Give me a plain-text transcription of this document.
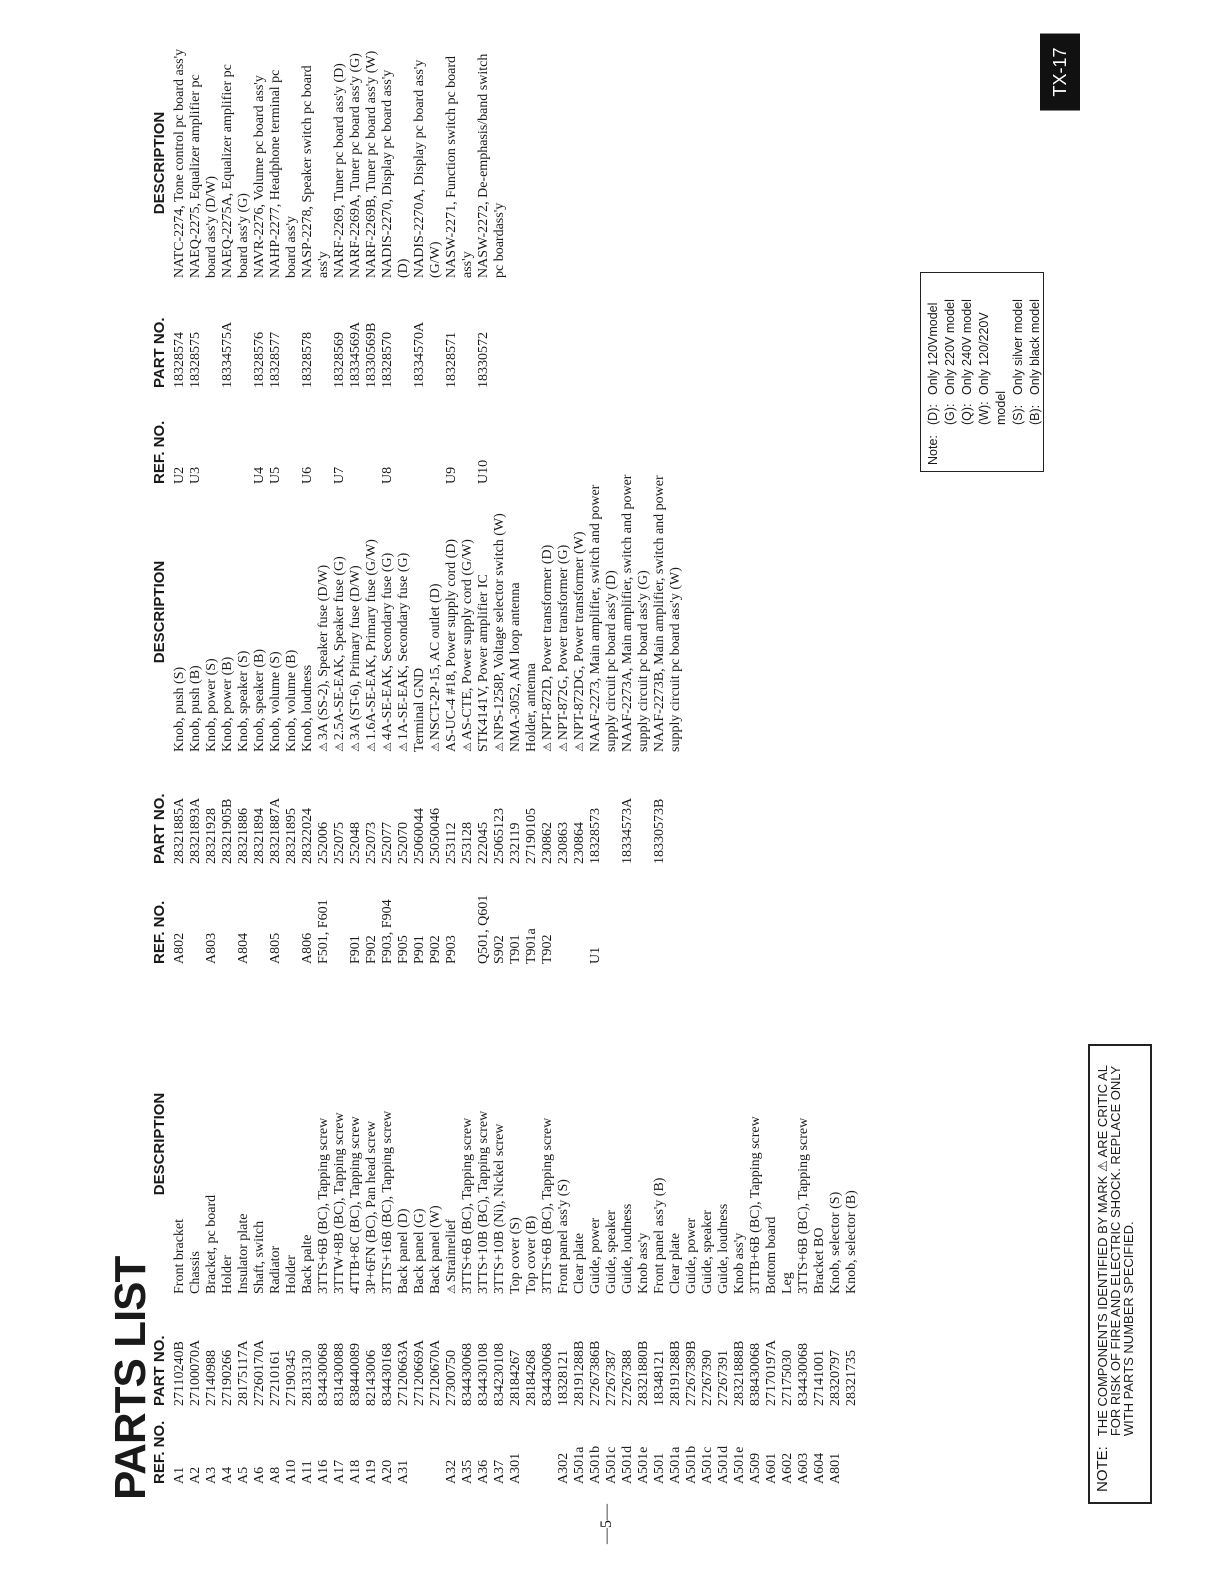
PARTS LIST
TX-17
REF. NO.
PART NO.
DESCRIPTION
A1
27110240B
Front bracket
A2
27100070A
Chassis
A3
27140988
Bracket, pc board
A4
27190266
Holder
A5
28175117A
Insulator plate
A6
27260170A
Shaft, switch
A8
27210161
Radiator
A10
27190345
Holder
A11
28133130
Back palte
A16
834430068
3TTS+6B (BC), Tapping screw
A17
831430088
3TTW+8B (BC), Tapping screw
A18
838440089
4TTB+8C (BC), Tapping screw
A19
82143006
3P+6FN (BC), Pan head screw
A20
834430168
3TTS+16B (BC), Tapping screw
A31
27120663A
Back panel (D)
27120669A
Back panel (G)
27120670A
Back panel (W)
A32
27300750
⚠Strainrelief
A35
834430068
3TTS+6B (BC), Tapping screw
A36
834430108
3TTS+10B (BC), Tapping screw
A37
834230108
3TTS+10B (Ni), Nickel screw
A301
28184267
Top cover (S)
28184268
Top cover (B)
834430068
3TTS+6B (BC), Tapping screw
A302
18328121
Front panel ass'y (S)
A501a
28191288B
Clear plate
A501b
27267386B
Guide, power
A501c
27267387
Guide, speaker
A501d
27267388
Guide, loudness
A501e
28321880B
Knob ass'y
A501
18348121
Front panel ass'y (B)
A501a
28191288B
Clear plate
A501b
27267389B
Guide, power
A501c
27267390
Guide, speaker
A501d
27267391
Guide, loudness
A501e
28321888B
Knob ass'y
A509
838430068
3TTB+6B (BC), Tapping screw
A601
27170197A
Bottom board
A602
27175030
Leg
A603
834430068
3TTS+6B (BC), Tapping screw
A604
27141001
Bracket BO
A801
28320797
Knob, selector (S)
28321735
Knob, selector (B)
REF. NO.
PART NO.
DESCRIPTION
A802
28321885A
Knob, push (S)
28321893A
Knob, push (B)
A803
28321928
Knob, power (S)
28321905B
Knob, power (B)
A804
28321886
Knob, speaker (S)
28321894
Knob, speaker (B)
A805
28321887A
Knob, volume (S)
28321895
Knob, volume (B)
A806
28322024
Knob, loudness
F501, F601
252006
⚠3A (SS-2), Speaker fuse (D/W)
252075
⚠2.5A-SE-EAK, Speaker fuse (G)
F901
252048
⚠3A (ST-6), Primary fuse (D/W)
F902
252073
⚠1.6A-SE-EAK, Primary fuse (G/W)
F903, F904
252077
⚠4A-SE-EAK, Secondary fuse (G)
F905
252070
⚠1A-SE-EAK, Secondary fuse (G)
P901
25060044
Terminal GND
P902
25050046
⚠NSCT-2P-15, AC outlet (D)
P903
253112
AS-UC-4 #18, Power supply cord (D)
253128
⚠AS-CTE, Power supply cord (G/W)
Q501, Q601
222045
STK4141V, Power amplifier IC
S902
25065123
⚠NPS-1258P, Voltage selector switch (W)
T901
232119
NMA-3052, AM loop antenna
T901a
27190105
Holder, antenna
T902
230862
⚠NPT-872D, Power transformer (D)
230863
⚠NPT-872G, Power transformer (G)
230864
⚠NPT-872DG, Power transformer (W)
U1
18328573
NAAF-2273, Main amplifier, switch and power supply circuit pc board ass'y (D)
18334573A
NAAF-2273A, Main amplifier, switch and power supply circuit pc board ass'y (G)
18330573B
NAAF-2273B, Main amplifier, switch and power supply circuit pc board ass'y (W)
REF. NO.
PART NO.
DESCRIPTION
U2
18328574
NATC-2274, Tone control pc board ass'y
U3
18328575
NAEQ-2275, Equalizer amplifier pc board ass'y (D/W)
18334575A
NAEQ-2275A, Equalizer amplifier pc board ass'y (G)
U4
18328576
NAVR-2276, Volume pc board ass'y
U5
18328577
NAHP-2277, Headphone terminal pc board ass'y
U6
18328578
NASP-2278, Speaker switch pc board ass'y
U7
18328569
NARF-2269, Tuner pc board ass'y (D)
18334569A
NARF-2269A, Tuner pc board ass'y (G)
18330569B
NARF-2269B, Tuner pc board ass'y (W)
U8
18328570
NADIS-2270, Display pc board ass'y (D)
18334570A
NADIS-2270A, Display pc board ass'y (G/W)
U9
18328571
NASW-2271, Function switch pc board ass'y
U10
18330572
NASW-2272, De-emphasis/band switch pc boardass'y
NOTE:
THE COMPONENTS IDENTIFIED BY MARK ⚠ ARE CRITIC AL FOR RISK OF FIRE AND ELECTRIC SHOCK. REPLACE ONLY WITH PARTS NUMBER SPECIFIED.
Note:
(D):Only 120Vmodel
(G):Only 220V model
(Q):Only 240V model
(W):Only 120/220V model (S):Only silver model
(B):Only black model
—5—
